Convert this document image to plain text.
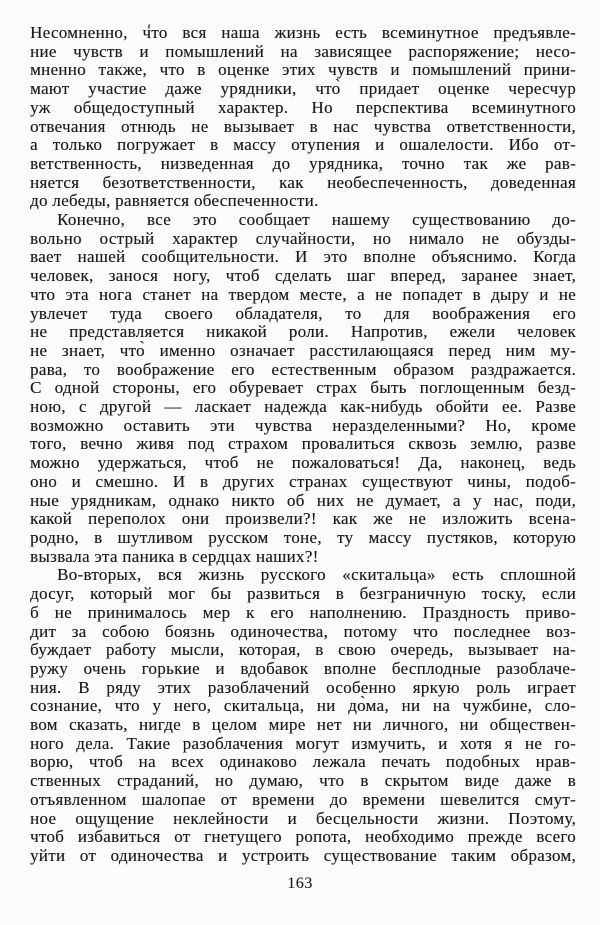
Несомненно, что вся наша жизнь есть всеминутное предъявле-
ние чувств и помышлений на зависящее распоряжение; несо-
мненно также, что в оценке этих чувств и помышлений прини-
мают участие даже урядники, что̀ придает оценке чересчур
уж общедоступный характер. Но перспектива всеминутного
отвечания отнюдь не вызывает в нас чувства ответственности,
а только погружает в массу отупения и ошалелости. Ибо от-
ветственность, низведенная до урядника, точно так же рав-
няется безответственности, как необеспеченность, доведенная
до лебеды, равняется обеспеченности.
Конечно, все это сообщает нашему существованию до-
вольно острый характер случайности, но нимало не обузды-
вает нашей сообщительности. И это вполне объяснимо. Когда
человек, занося ногу, чтоб сделать шаг вперед, заранее знает,
что эта нога станет на твердом месте, а не попадет в дыру и не
увлечет туда своего обладателя, то для воображения его
не представляется никакой роли. Напротив, ежели человек
не знает, что̀ именно означает расстилающаяся перед ним му-
рава, то воображение его естественным образом раздражается.
С одной стороны, его обуревает страх быть поглощенным безд-
ною, с другой — ласкает надежда как-нибудь обойти ее. Разве
возможно оставить эти чувства неразделенными? Но, кроме
того, вечно живя под страхом провалиться сквозь землю, разве
можно удержаться, чтоб не пожаловаться! Да, наконец, ведь
оно и смешно. И в других странах существуют чины, подоб-
ные урядникам, однако никто об них не думает, а у нас, поди,
какой переполох они произвели?! как же не изложить всена-
родно, в шутливом русском тоне, ту массу пустяков, которую
вызвала эта паника в сердцах наших?!
Во-вторых, вся жизнь русского «скитальца» есть сплошной
досуг, который мог бы развиться в безграничную тоску, если
б не принималось мер к его наполнению. Праздность приво-
дит за собою боязнь одиночества, потому что последнее воз-
буждает работу мысли, которая, в свою очередь, вызывает на-
ружу очень горькие и вдобавок вполне бесплодные разоблаче-
ния. В ряду этих разоблачений особенно яркую роль играет
сознание, что у него, скитальца, ни до̀ма, ни на чужбине, сло-
вом сказать, нигде в целом мире нет ни личного, ни обществен-
ного дела. Такие разоблачения могут измучить, и хотя я не го-
ворю, чтоб на всех одинаково лежала печать подобных нрав-
ственных страданий, но думаю, что в скрытом виде даже в
отъявленном шалопае от времени до времени шевелится смут-
ное ощущение неклейности и бесцельности жизни. Поэтому,
чтоб избавиться от гнетущего ропота, необходимо прежде всего
уйти от одиночества и устроить существование таким образом,
163
